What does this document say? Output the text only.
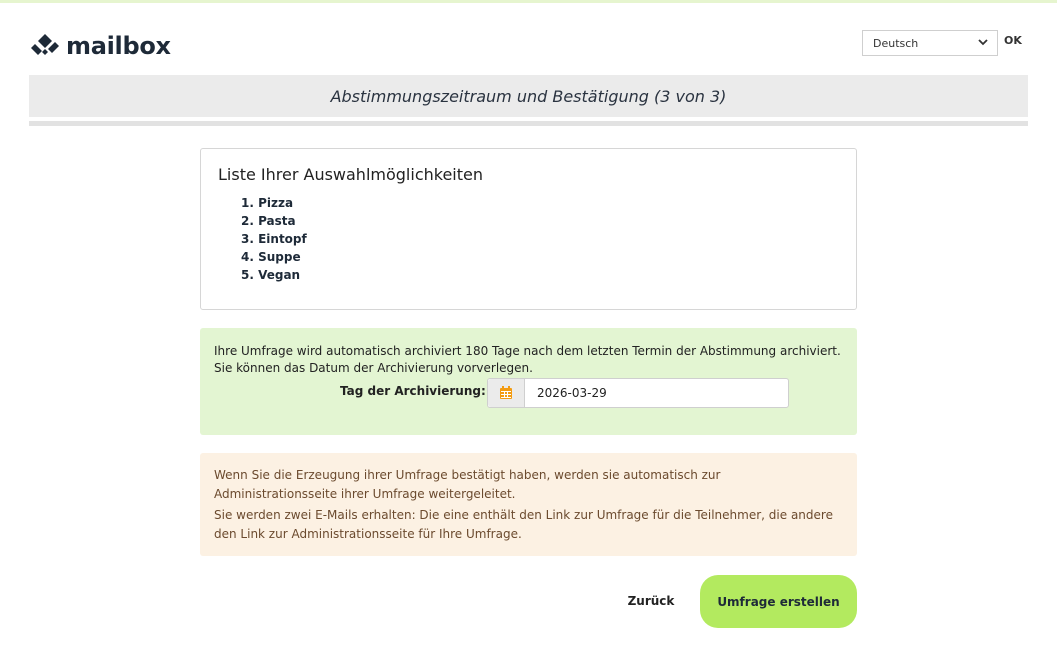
mailbox	Deutsch	OK
Abstimmungszeitraum und Bestätigung (3 von 3)
Liste Ihrer Auswahlmöglichkeiten
1. Pizza
2. Pasta
3. Eintopf
4. Suppe
5. Vegan
Ihre Umfrage wird automatisch archiviert 180 Tage nach dem letzten Termin der Abstimmung archiviert.
Sie können das Datum der Archivierung vorverlegen.
Tag der Archivierung:
2026-03-29

Wenn Sie die Erzeugung ihrer Umfrage bestätigt haben, werden sie automatisch zur Administrationsseite ihrer Umfrage weitergeleitet.

Sie werden zwei E-Mails erhalten: Die eine enthält den Link zur Umfrage für die Teilnehmer, die andere den Link zur Administrationsseite für Ihre Umfrage.

Zurück	Umfrage erstellen
